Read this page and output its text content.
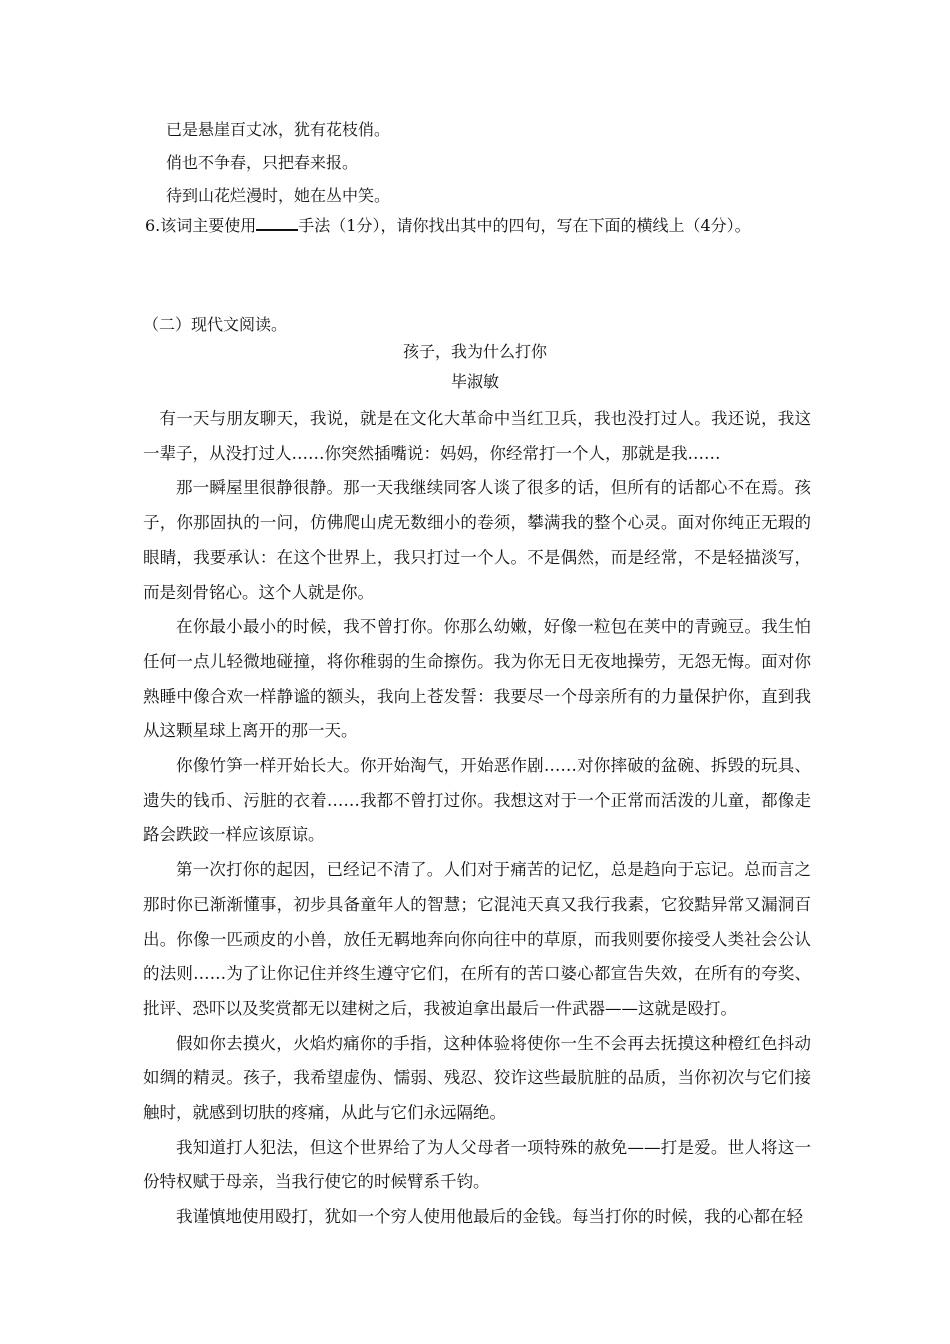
已是悬崖百丈冰，犹有花枝俏。
俏也不争春，只把春来报。
待到山花烂漫时，她在丛中笑。
6.该词主要使用	手法（1分），请你找出其中的四句，写在下面的横线上（4分）。
（二）现代文阅读。
孩子，我为什么打你
毕淑敏

有一天与朋友聊天，我说，就是在文化大革命中当红卫兵，我也没打过人。我还说，我这一辈子，从没打过人……你突然插嘴说：妈妈，你经常打一个人，那就是我……

那一瞬屋里很静很静。那一天我继续同客人谈了很多的话，但所有的话都心不在焉。孩子，你那固执的一问，仿佛爬山虎无数细小的卷须，攀满我的整个心灵。面对你纯正无瑕的眼睛，我要承认：在这个世界上，我只打过一个人。不是偶然，而是经常，不是轻描淡写，而是刻骨铭心。这个人就是你。

在你最小最小的时候，我不曾打你。你那么幼嫩，好像一粒包在荚中的青豌豆。我生怕任何一点儿轻微地碰撞，将你稚弱的生命擦伤。我为你无日无夜地操劳，无怨无悔。面对你熟睡中像合欢一样静谧的额头，我向上苍发誓：我要尽一个母亲所有的力量保护你，直到我从这颗星球上离开的那一天。

你像竹笋一样开始长大。你开始淘气，开始恶作剧……对你摔破的盆碗、拆毁的玩具、遗失的钱币、污脏的衣着……我都不曾打过你。我想这对于一个正常而活泼的儿童，都像走路会跌跤一样应该原谅。

第一次打你的起因，已经记不清了。人们对于痛苦的记忆，总是趋向于忘记。总而言之那时你已渐渐懂事，初步具备童年人的智慧；它混沌天真又我行我素，它狡黠异常又漏洞百出。你像一匹顽皮的小兽，放任无羁地奔向你向往中的草原，而我则要你接受人类社会公认的法则……为了让你记住并终生遵守它们，在所有的苦口婆心都宣告失效，在所有的夸奖、批评、恐吓以及奖赏都无以建树之后，我被迫拿出最后一件武器——这就是殴打。

假如你去摸火，火焰灼痛你的手指，这种体验将使你一生不会再去抚摸这种橙红色抖动如绸的精灵。孩子，我希望虚伪、懦弱、残忍、狡诈这些最肮脏的品质，当你初次与它们接触时，就感到切肤的疼痛，从此与它们永远隔绝。

我知道打人犯法，但这个世界给了为人父母者一项特殊的赦免——打是爱。世人将这一份特权赋于母亲，当我行使它的时候臂系千钧。

我谨慎地使用殴打，犹如一个穷人使用他最后的金钱。每当打你的时候，我的心都在轻
